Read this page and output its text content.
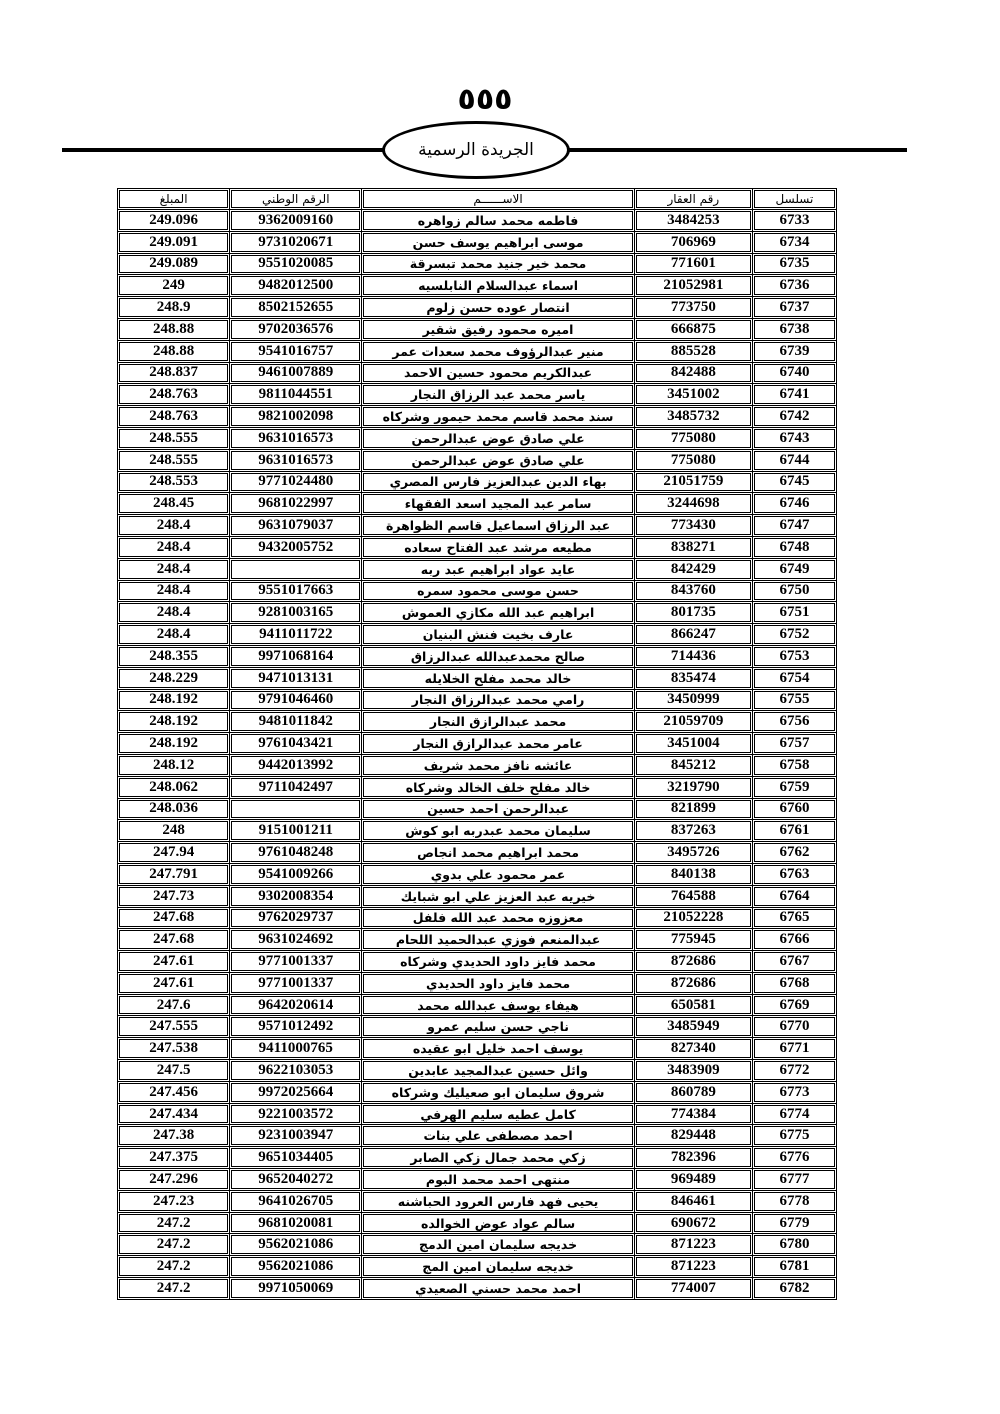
٥٥٥
الجريدة الرسمية
تسلسل	رقم العقار	الاســــــم	الرقم الوطني	المبلغ
6733	3484253	فاطمه محمد سالم زواهره	9362009160	249.096
6734	706969	موسى ابراهيم يوسف حسن	9731020671	249.091
6735	771601	محمد خير جنيد محمد تبسرقة	9551020085	249.089
6736	21052981	اسماء عبدالسلام النابلسيه	9482012500	249
6737	773750	انتصار عوده حسن زلوم	8502152655	248.9
6738	666875	اميره محمود رفيق شقير	9702036576	248.88
6739	885528	منير عبدالرؤوف محمد سعدات عمر	9541016757	248.88
6740	842488	عبدالكريم محمود حسين الاحمد	9461007889	248.837
6741	3451002	ياسر محمد عبد الرزاق النجار	9811044551	248.763
6742	3485732	سند محمد قاسم محمد حيمور وشركاه	9821002098	248.763
6743	775080	علي صادق عوض عبدالرحمن	9631016573	248.555
6744	775080	علي صادق عوض عبدالرحمن	9631016573	248.555
6745	21051759	بهاء الدين عبدالعزيز فارس المصري	9771024480	248.553
6746	3244698	سامر عبد المجيد اسعد الفقهاء	9681022997	248.45
6747	773430	عبد الرزاق اسماعيل قاسم الظواهرة	9631079037	248.4
6748	838271	مطيعه مرشد عبد الفتاح سعاده	9432005752	248.4
6749	842429	عايد عواد ابراهيم عبد ربه		248.4
6750	843760	حسن موسى محمود سمره	9551017663	248.4
6751	801735	ابراهيم عبد الله مكازي العموش	9281003165	248.4
6752	866247	عارف بخيت فنش البنيان	9411011722	248.4
6753	714436	صالح محمدعبدالله عبدالرزاق	9971068164	248.355
6754	835474	خالد محمد مفلح الخلايله	9471013131	248.229
6755	3450999	رامي محمد عبدالرزاق النجار	9791046460	248.192
6756	21059709	محمد عبدالرازق النجار	9481011842	248.192
6757	3451004	عامر محمد عبدالرازق النجار	9761043421	248.192
6758	845212	عائشه نافز محمد شريف	9442013992	248.12
6759	3219790	خالد مفلح خلف الخالد وشركاه	9711042497	248.062
6760	821899	عبدالرحمن احمد حسين		248.036
6761	837263	سليمان محمد عبدربه ابو كوش	9151001211	248
6762	3495726	محمد ابراهيم محمد انجاص	9761048248	247.94
6763	840138	عمر محمود علي بدوي	9541009266	247.791
6764	764588	خيريه عبد العزيز علي ابو شبايك	9302008354	247.73
6765	21052228	معزوزه محمد عبد الله فلفل	9762029737	247.68
6766	775945	عبدالمنعم فوزي عبدالحميد اللحام	9631024692	247.68
6767	872686	محمد فايز داود الحديدي وشركاه	9771001337	247.61
6768	872686	محمد فايز داود الحديدي	9771001337	247.61
6769	650581	هيفاء يوسف عبدالله محمد	9642020614	247.6
6770	3485949	ناجي حسن سليم عمرو	9571012492	247.555
6771	827340	يوسف احمد خليل ابو عقيده	9411000765	247.538
6772	3483909	وائل حسين عبدالمجيد عابدين	9622103053	247.5
6773	860789	شروق سليمان ابو صعيليك وشركاه	9972025664	247.456
6774	774384	كامل عطيه سليم الهرفي	9221003572	247.434
6775	829448	احمد مصطفى علي بنات	9231003947	247.38
6776	782396	زكي محمد جمال زكي الصابر	9651034405	247.375
6777	969489	منتهى احمد محمد البوم	9652040272	247.296
6778	846461	يحيى فهد فارس العرود الحباشنه	9641026705	247.23
6779	690672	سالم عواد عوض الخوالده	9681020081	247.2
6780	871223	خديجه سليمان امين الدمج	9562021086	247.2
6781	871223	خديجه سليمان امين المج	9562021086	247.2
6782	774007	احمد محمد حسني الصعيدي	9971050069	247.2
